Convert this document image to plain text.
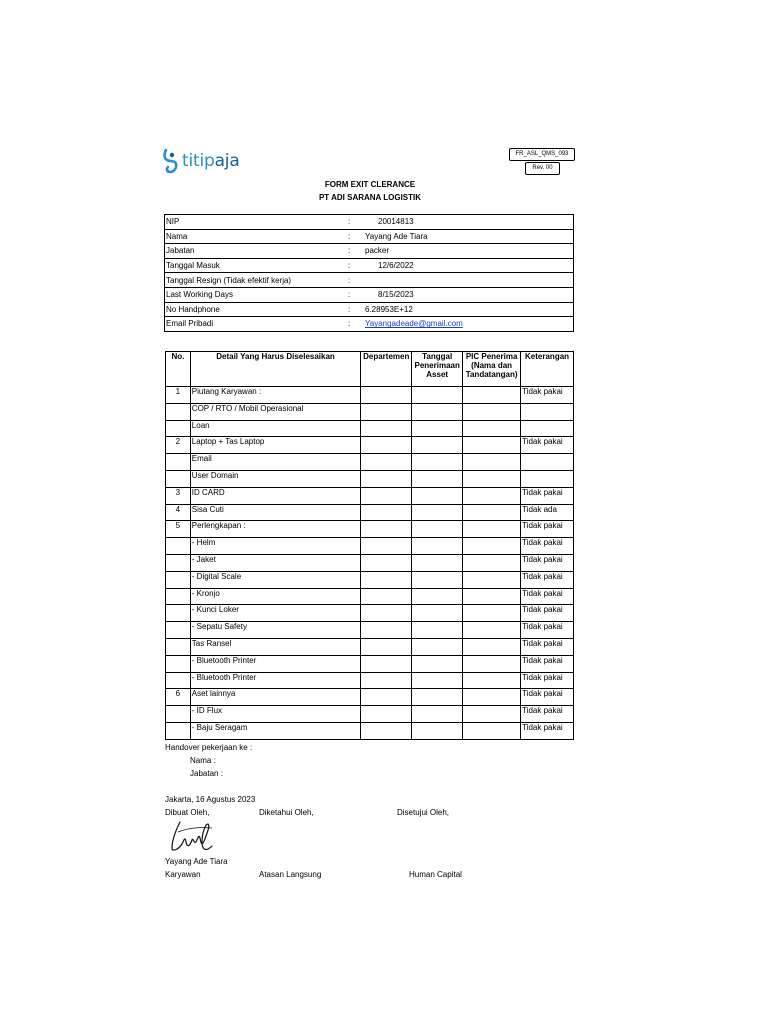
titipaja	FR_ASL_QMS_093
Rev. 00
FORM EXIT CLERANCE
PT ADI SARANA LOGISTIK
NIP	:	20014813
Nama	:	Yayang Ade Tiara
Jabatan	:	packer
Tanggal Masuk	:	12/6/2022
Tanggal Resign (Tidak efektif kerja)	:	
Last Working Days	:	8/15/2023
No Handphone	:	6.28953E+12
Email Pribadi	:	Yayangadeade@gmail.com
No.	Detail Yang Harus Diselesaikan	Departemen	Tanggal Penerimaan Asset	PIC Penerima (Nama dan Tandatangan)	Keterangan
1	Piutang Karyawan :				Tidak pakai
	COP / RTO / Mobil Operasional				
	Loan				
2	Laptop + Tas Laptop				Tidak pakai
	Email				
	User Domain				
3	ID CARD				Tidak pakai
4	Sisa Cuti				Tidak ada
5	Perlengkapan :				Tidak pakai
	- Helm				Tidak pakai
	- Jaket				Tidak pakai
	- Digital Scale				Tidak pakai
	- Kronjo				Tidak pakai
	- Kunci Loker				Tidak pakai
	- Sepatu Safety				Tidak pakai
	Tas Ransel				Tidak pakai
	- Bluetooth Printer				Tidak pakai
	- Bluetooth Printer				Tidak pakai
6	Aset lainnya				Tidak pakai
	- ID Flux				Tidak pakai
	- Baju Seragam				Tidak pakai
Handover pekerjaan ke :
Nama :
Jabatan :
Jakarta, 16 Agustus 2023
Dibuat Oleh,	Diketahui Oleh,	Disetujui Oleh,
Yayang Ade Tiara
Karyawan	Atasan Langsung	Human Capital
